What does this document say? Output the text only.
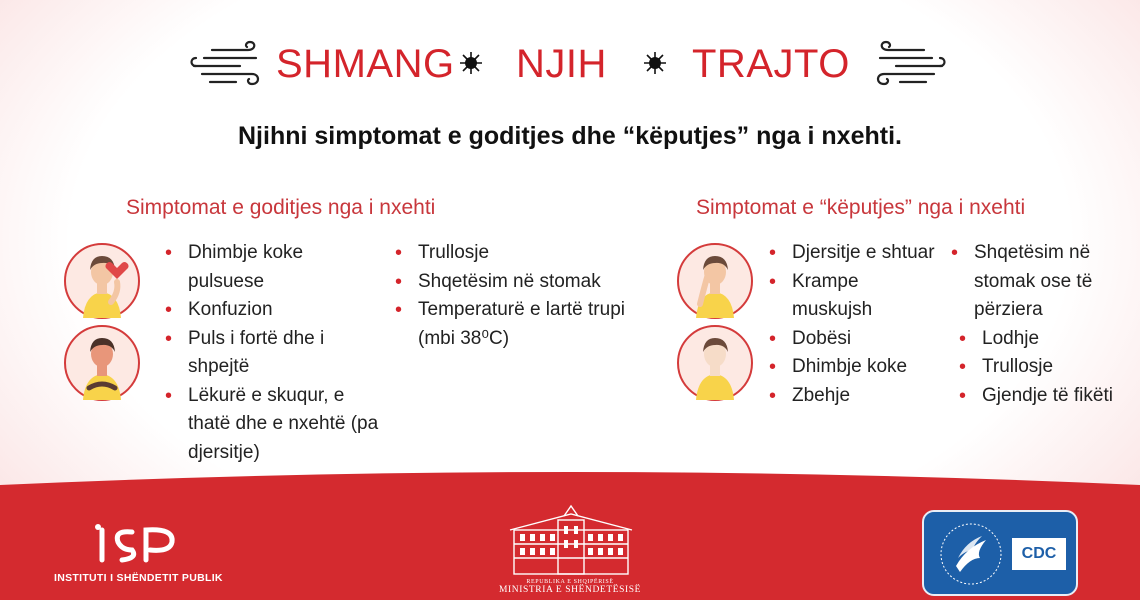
SHMANG NJIH TRAJTO
Njihni simptomat e goditjes dhe “këputjes” nga i nxehti.
Simptomat e goditjes nga i nxehti
• Dhimbje koke pulsuese
• Konfuzion
• Puls i fortë dhe i shpejtë
• Lëkurë e skuqur, e thatë dhe e nxehtë (pa djersitje)
• Trullosje
• Shqetësim në stomak
• Temperaturë e lartë trupi (mbi 38⁰C)
Simptomat e “këputjes” nga i nxehti
• Djersitje e shtuar
• Krampe muskujsh
• Dobësi
• Dhimbje koke
• Zbehje
• Shqetësim në stomak ose të përziera
• Lodhje
• Trullosje
• Gjendje të fikëti
INSTITUTI I SHËNDETIT PUBLIK	REPUBLIKA E SHQIPËRISË
MINISTRIA E SHËNDETËSISË
CDC
